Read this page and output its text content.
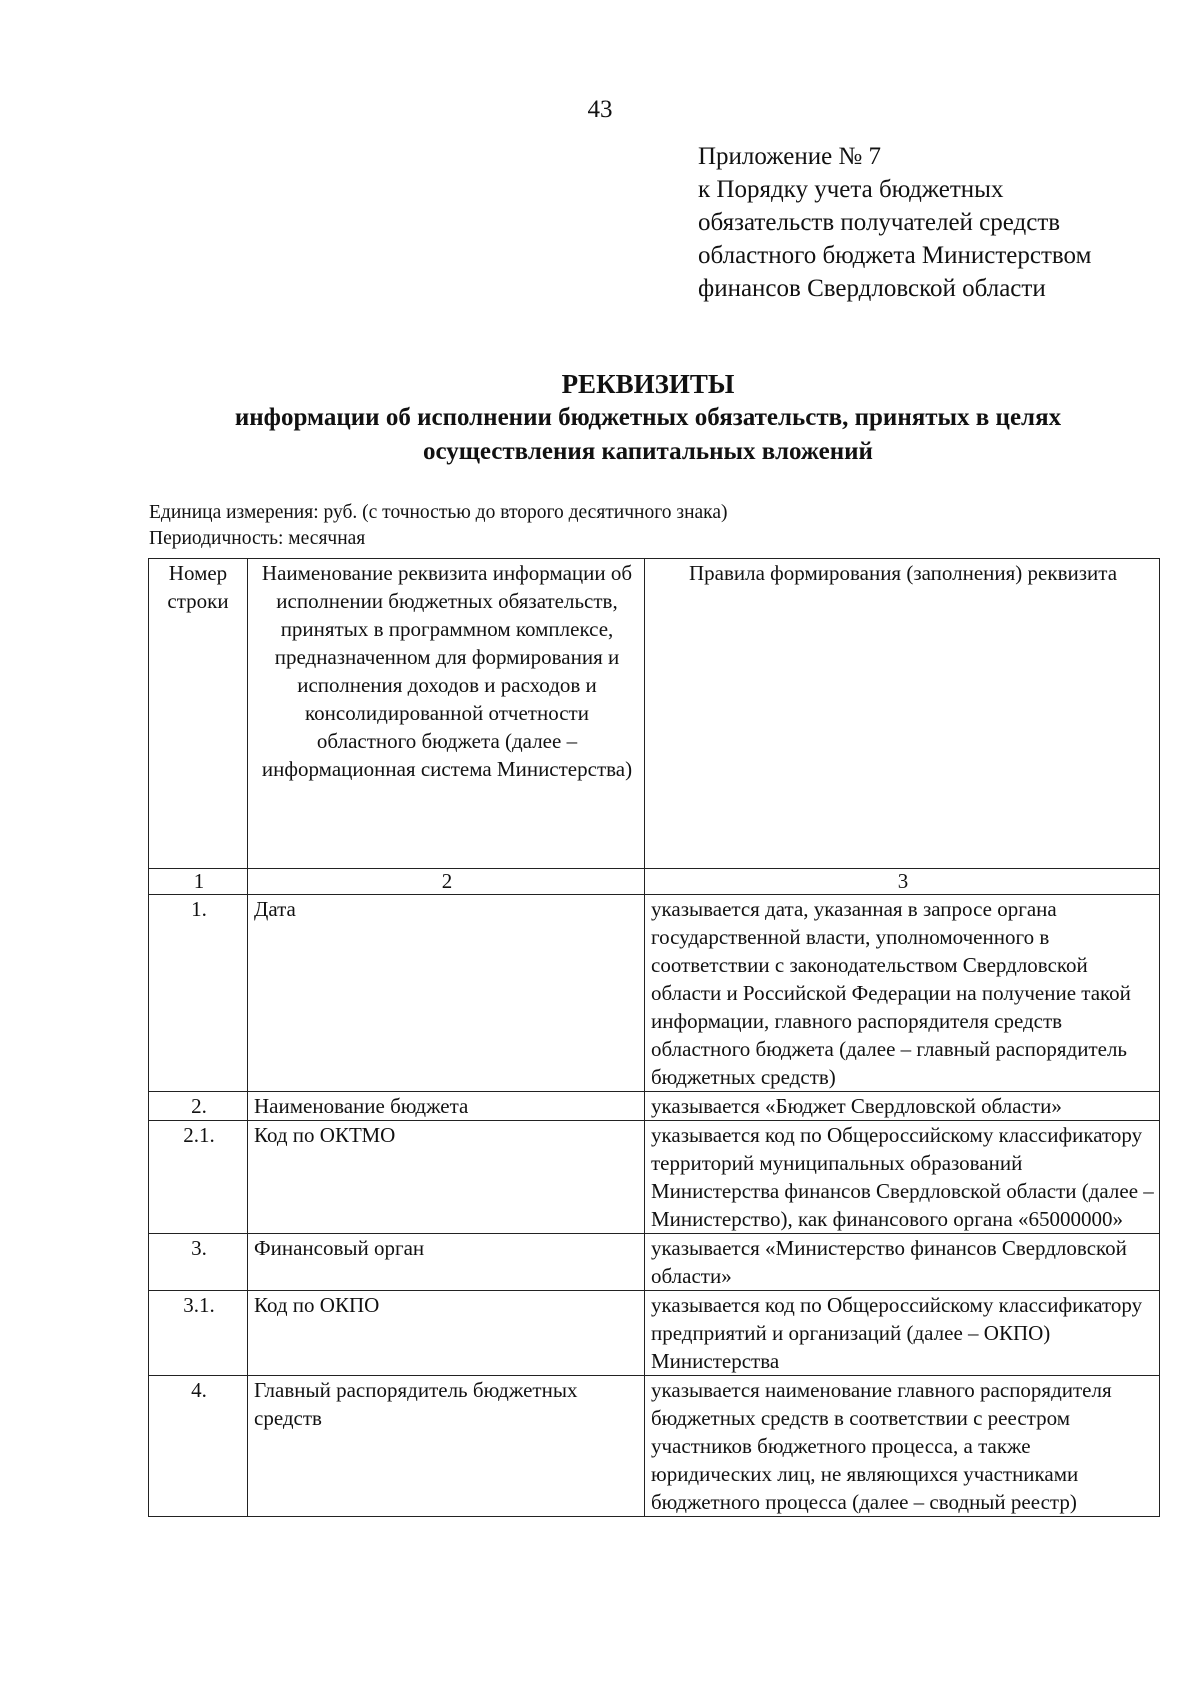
43
Приложение № 7
к Порядку учета бюджетных
обязательств получателей средств
областного бюджета Министерством
финансов Свердловской области
РЕКВИЗИТЫ
информации об исполнении бюджетных обязательств, принятых в целях
осуществления капитальных вложений
Единица измерения: руб. (с точностью до второго десятичного знака)
Периодичность: месячная
Номер строки	Наименование реквизита информации об исполнении бюджетных обязательств, принятых в программном комплексе, предназначенном для формирования и исполнения доходов и расходов и консолидированной отчетности областного бюджета (далее – информационная система Министерства)	Правила формирования (заполнения) реквизита
1	2	3
1.	Дата	указывается дата, указанная в запросе органа государственной власти, уполномоченного в соответствии с законодательством Свердловской области и Российской Федерации на получение такой информации, главного распорядителя средств областного бюджета (далее – главный распорядитель бюджетных средств)
2.	Наименование бюджета	указывается «Бюджет Свердловской области»
2.1.	Код по ОКТМО	указывается код по Общероссийскому классификатору территорий муниципальных образований Министерства финансов Свердловской области (далее – Министерство), как финансового органа «65000000»
3.	Финансовый орган	указывается «Министерство финансов Свердловской области»
3.1.	Код по ОКПО	указывается код по Общероссийскому классификатору предприятий и организаций (далее – ОКПО) Министерства
4.	Главный распорядитель бюджетных средств	указывается наименование главного распорядителя бюджетных средств в соответствии с реестром участников бюджетного процесса, а также юридических лиц, не являющихся участниками бюджетного процесса (далее – сводный реестр)
